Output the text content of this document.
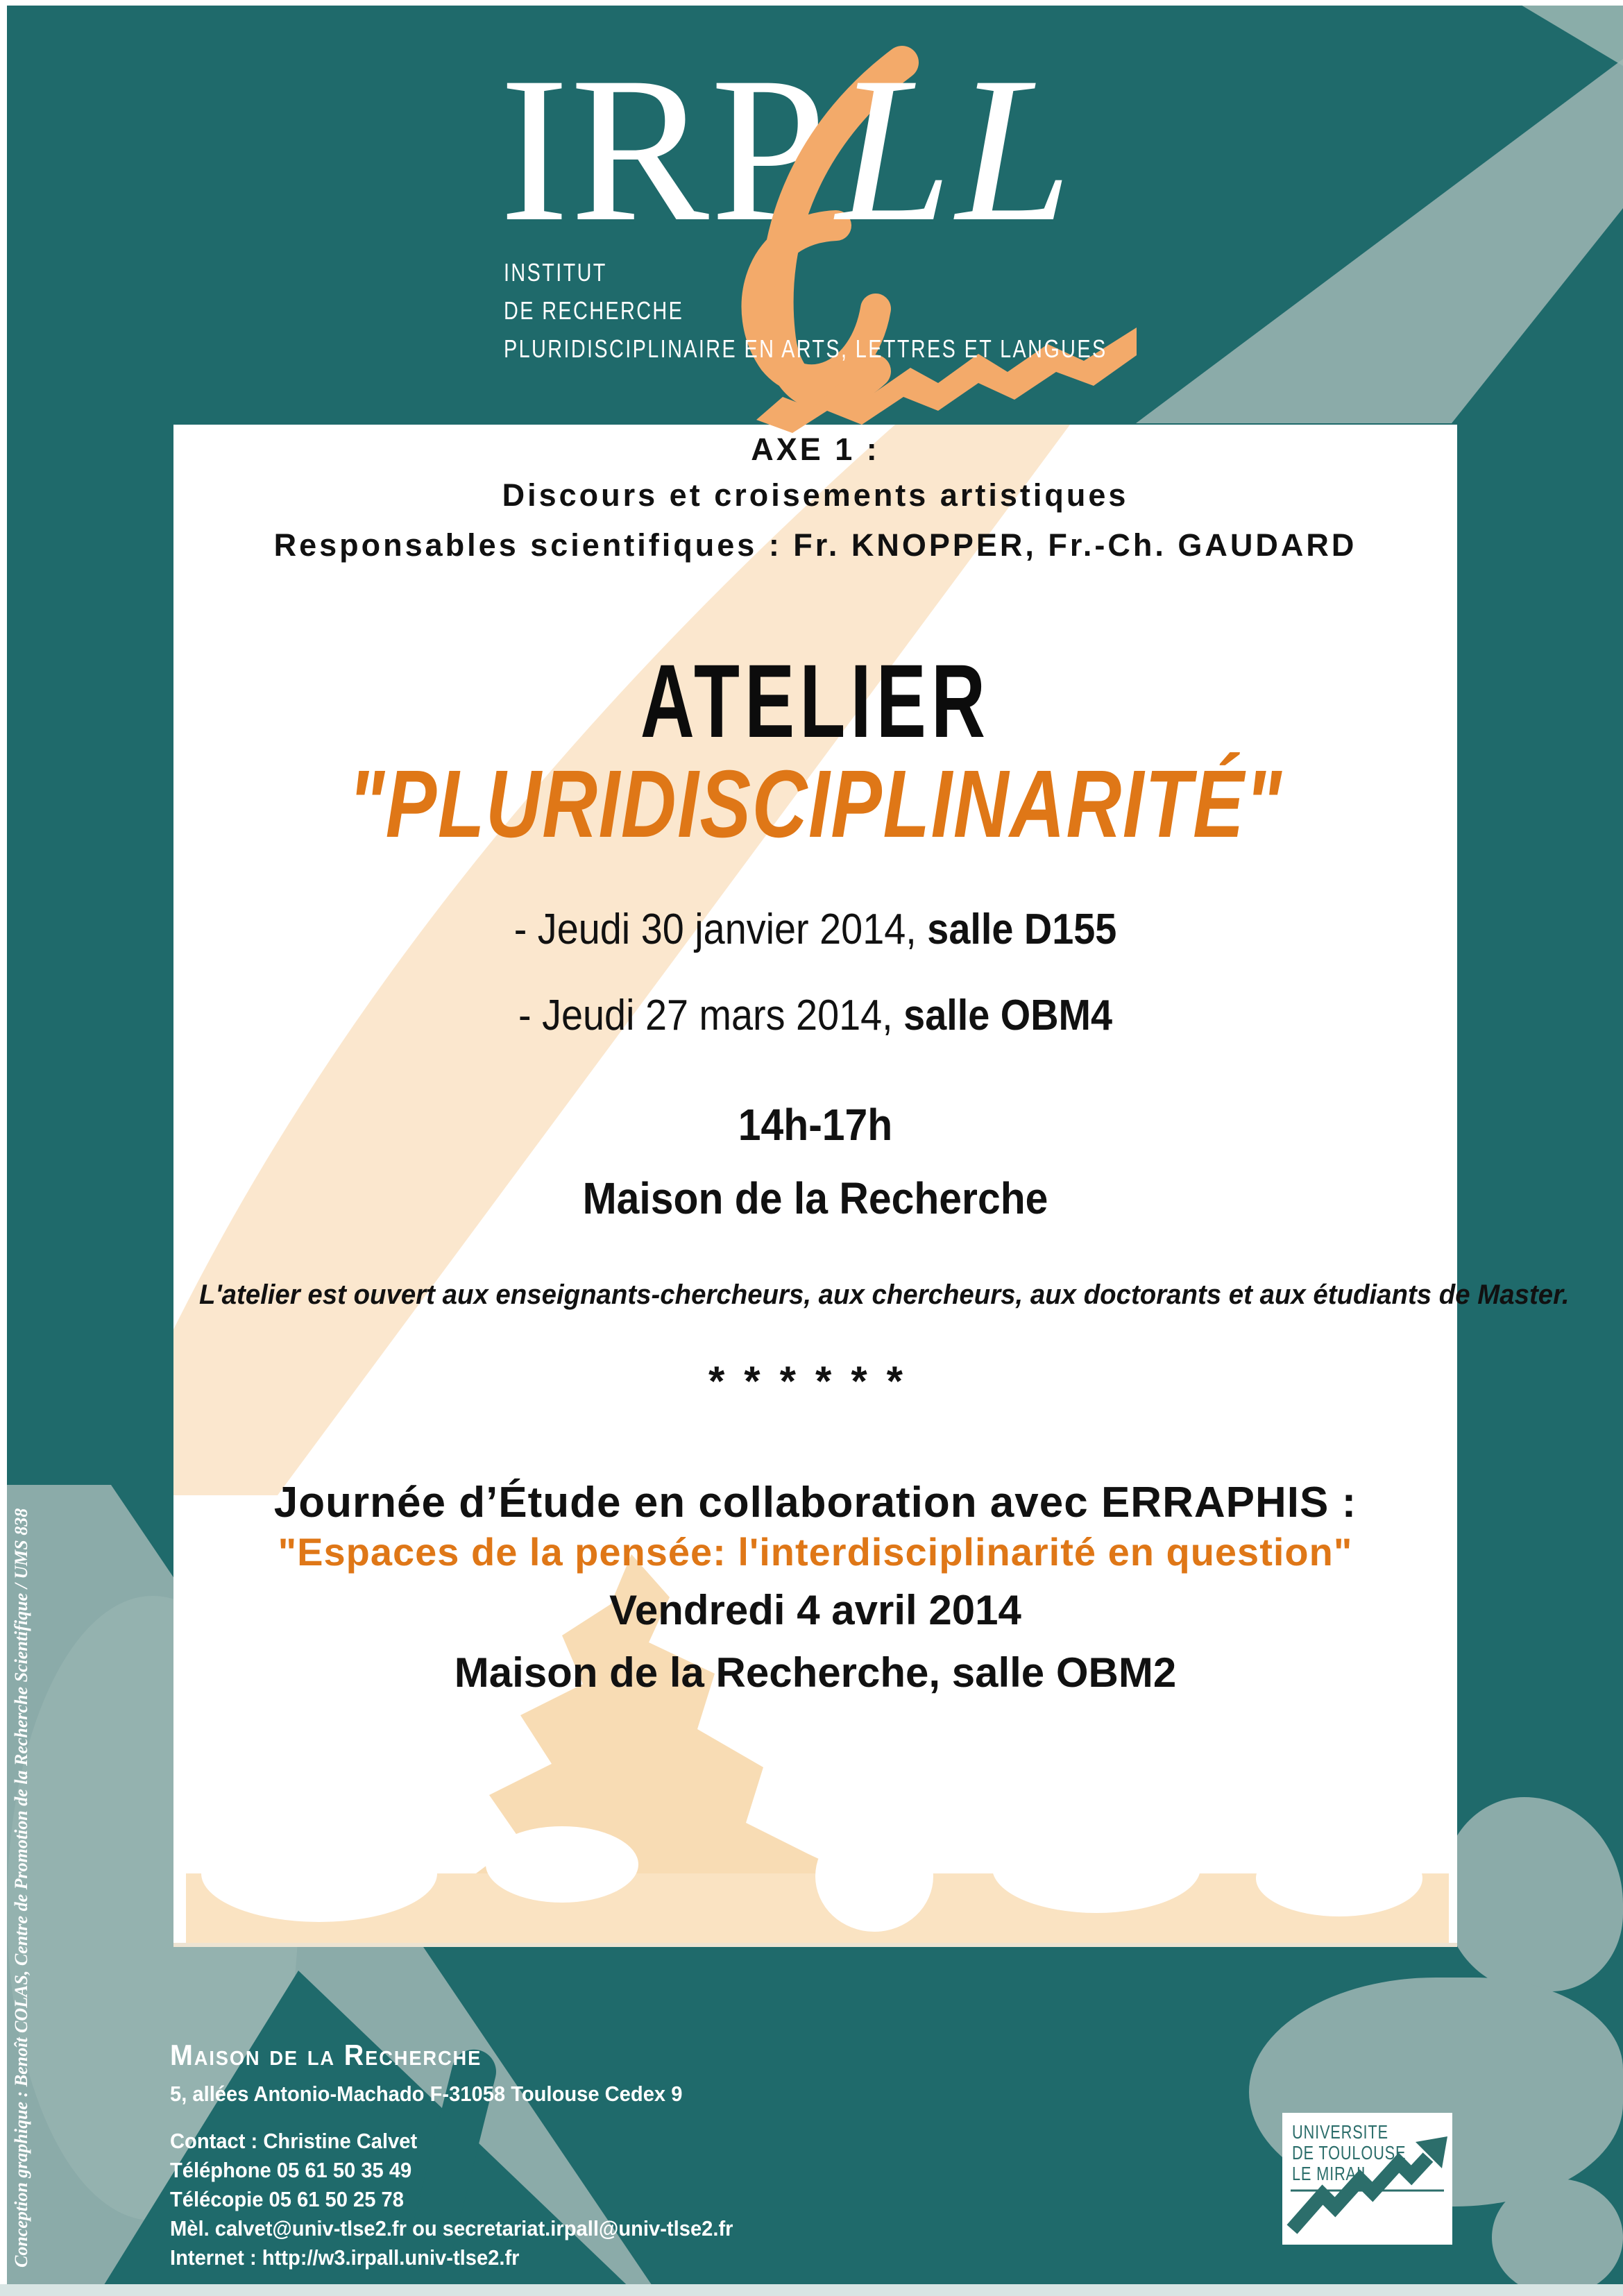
IRP LL
INSTITUT
DE RECHERCHE
PLURIDISCIPLINAIRE EN ARTS, LETTRES ET LANGUES
AXE 1 :
Discours et croisements artistiques
Responsables scientifiques : Fr. KNOPPER, Fr.-Ch. GAUDARD
ATELIER
"PLURIDISCIPLINARITÉ"
- Jeudi 30 janvier 2014, salle D155
- Jeudi 27 mars 2014, salle OBM4
14h-17h
Maison de la Recherche
L'atelier est ouvert aux enseignants-chercheurs, aux chercheurs, aux doctorants et aux étudiants de Master.
******
Journée d’Étude en collaboration avec ERRAPHIS :
"Espaces de la pensée: l'interdisciplinarité en question"
Vendredi 4 avril 2014
Maison de la Recherche, salle OBM2
Maison de la Recherche
5, allées Antonio-Machado F-31058 Toulouse Cedex 9
Contact : Christine Calvet
Téléphone 05 61 50 35 49
Télécopie 05 61 50 25 78
Mèl. calvet@univ-tlse2.fr ou secretariat.irpall@univ-tlse2.fr
Internet : http://w3.irpall.univ-tlse2.fr
UNIVERSITE
DE TOULOUSE
LE MIRAIL
Conception graphique : Benoît COLAS, Centre de Promotion de la Recherche Scientifique / UMS 838
